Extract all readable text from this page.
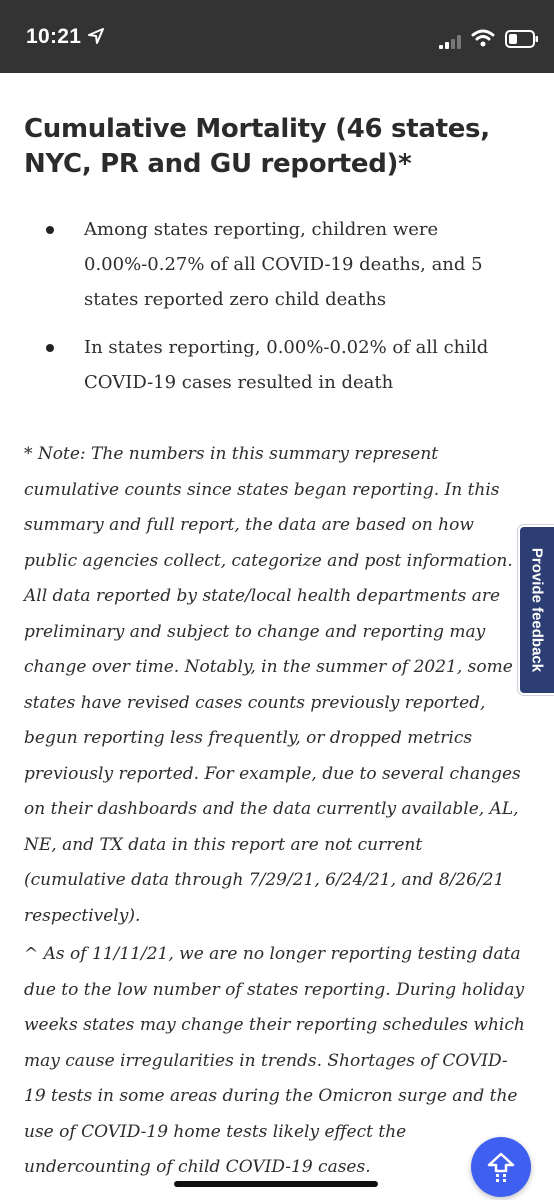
10:21
Cumulative Mortality (46 states, NYC, PR and GU reported)*
Among states reporting, children were 0.00%-0.27% of all COVID-19 deaths, and 5 states reported zero child deaths
In states reporting, 0.00%-0.02% of all child COVID-19 cases resulted in death

* Note: The numbers in this summary represent cumulative counts since states began reporting. In this summary and full report, the data are based on how public agencies collect, categorize and post information. All data reported by state/local health departments are preliminary and subject to change and reporting may change over time. Notably, in the summer of 2021, some states have revised cases counts previously reported, begun reporting less frequently, or dropped metrics previously reported. For example, due to several changes on their dashboards and the data currently available, AL, NE, and TX data in this report are not current (cumulative data through 7/29/21, 6/24/21, and 8/26/21 respectively).

^ As of 11/11/21, we are no longer reporting testing data due to the low number of states reporting. During holiday weeks states may change their reporting schedules which may cause irregularities in trends. Shortages of COVID-19 tests in some areas during the Omicron surge and the use of COVID-19 home tests likely effect the undercounting of child COVID-19 cases.

Provide feedback
